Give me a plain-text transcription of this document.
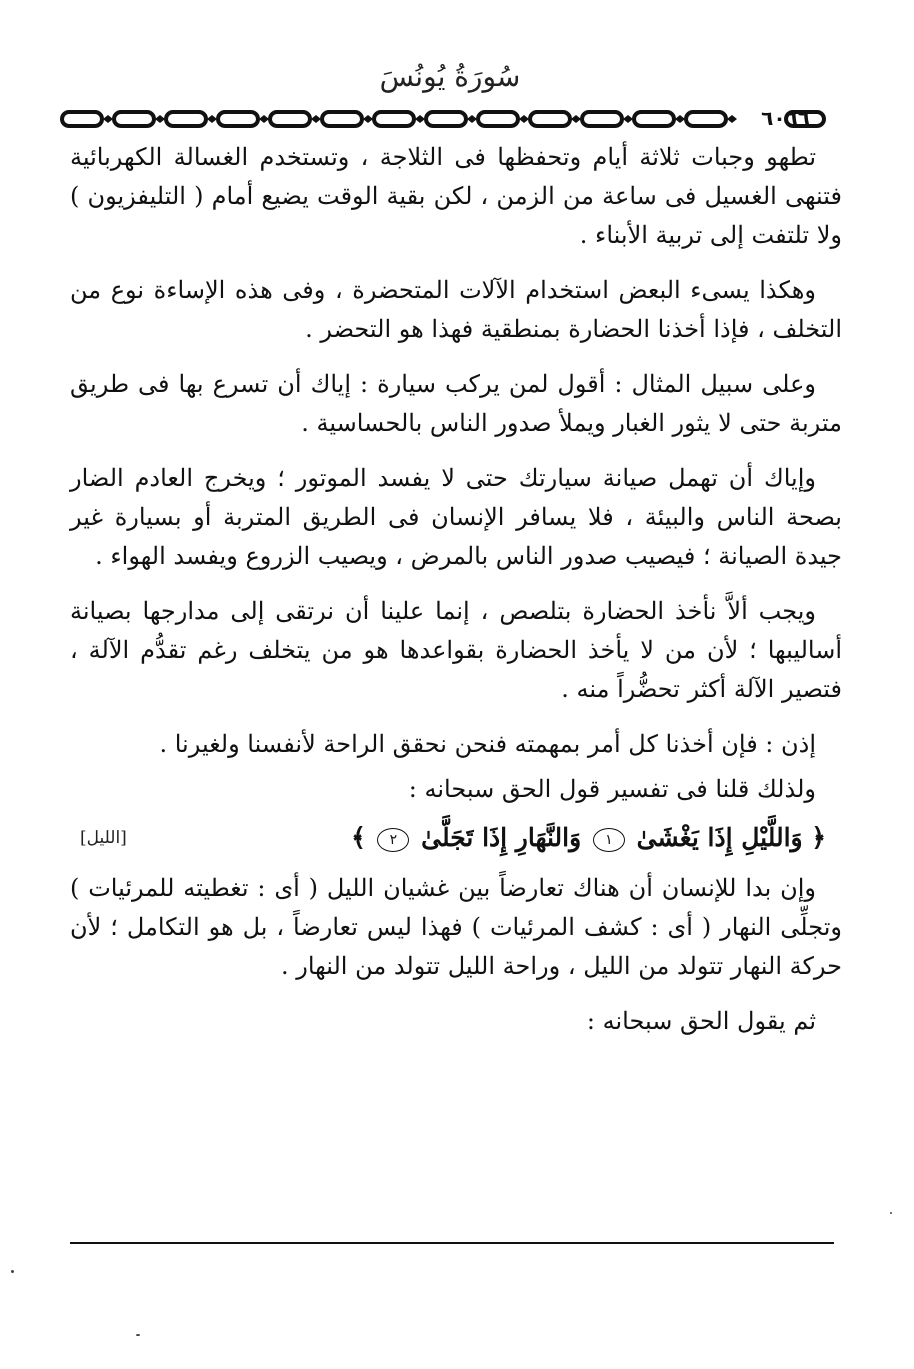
سُورَةُ يُونُسَ
٦٠٦٦

تطهو وجبات ثلاثة أيام وتحفظها فى الثلاجة ، وتستخدم الغسالة الكهربائية فتنهى الغسيل فى ساعة من الزمن ، لكن بقية الوقت يضيع أمام ( التليفزيون ) ولا تلتفت إلى تربية الأبناء .

وهكذا يسىء البعض استخدام الآلات المتحضرة ، وفى هذه الإساءة نوع من التخلف ، فإذا أخذنا الحضارة بمنطقية فهذا هو التحضر .

وعلى سبيل المثال : أقول لمن يركب سيارة : إياك أن تسرع بها فى طريق متربة حتى لا يثور الغبار ويملأ صدور الناس بالحساسية .

وإياك أن تهمل صيانة سيارتك حتى لا يفسد الموتور ؛ ويخرج العادم الضار بصحة الناس والبيئة ، فلا يسافر الإنسان فى الطريق المتربة أو بسيارة غير جيدة الصيانة ؛ فيصيب صدور الناس بالمرض ، ويصيب الزروع ويفسد الهواء .

ويجب ألاَّ نأخذ الحضارة بتلصص ، إنما علينا أن نرتقى إلى مدارجها بصيانة أساليبها ؛ لأن من لا يأخذ الحضارة بقواعدها هو من يتخلف رغم تقدُّم الآلة ، فتصير الآلة أكثر تحضُّراً منه .

إذن : فإن أخذنا كل أمر بمهمته فنحن نحقق الراحة لأنفسنا ولغيرنا .

ولذلك قلنا فى تفسير قول الحق سبحانه :

﴿ وَاللَّيْلِ إِذَا يَغْشَىٰ ١ وَالنَّهَارِ إِذَا تَجَلَّىٰ ٢ ﴾
[الليل]

وإن بدا للإنسان أن هناك تعارضاً بين غشيان الليل ( أى : تغطيته للمرئيات ) وتجلِّى النهار ( أى : كشف المرئيات ) فهذا ليس تعارضاً ، بل هو التكامل ؛ لأن حركة النهار تتولد من الليل ، وراحة الليل تتولد من النهار .

ثم يقول الحق سبحانه :
